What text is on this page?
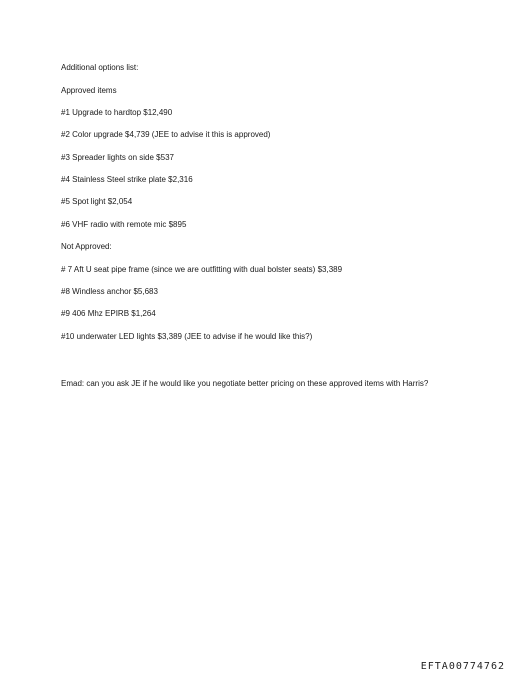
Additional options list:
Approved items
#1 Upgrade to hardtop $12,490
#2 Color upgrade $4,739 (JEE to advise it this is approved)
#3 Spreader lights on side $537
#4 Stainless Steel strike plate $2,316
#5 Spot light $2,054
#6 VHF radio with remote mic $895
Not Approved:
# 7 Aft U seat pipe frame (since we are outfitting with dual bolster seats) $3,389
#8 Windless anchor $5,683
#9 406 Mhz EPIRB $1,264
#10 underwater LED lights $3,389 (JEE to advise if he would like this?)
Emad: can you ask JE if he would like you negotiate better pricing on these approved items with Harris?
EFTA00774762
